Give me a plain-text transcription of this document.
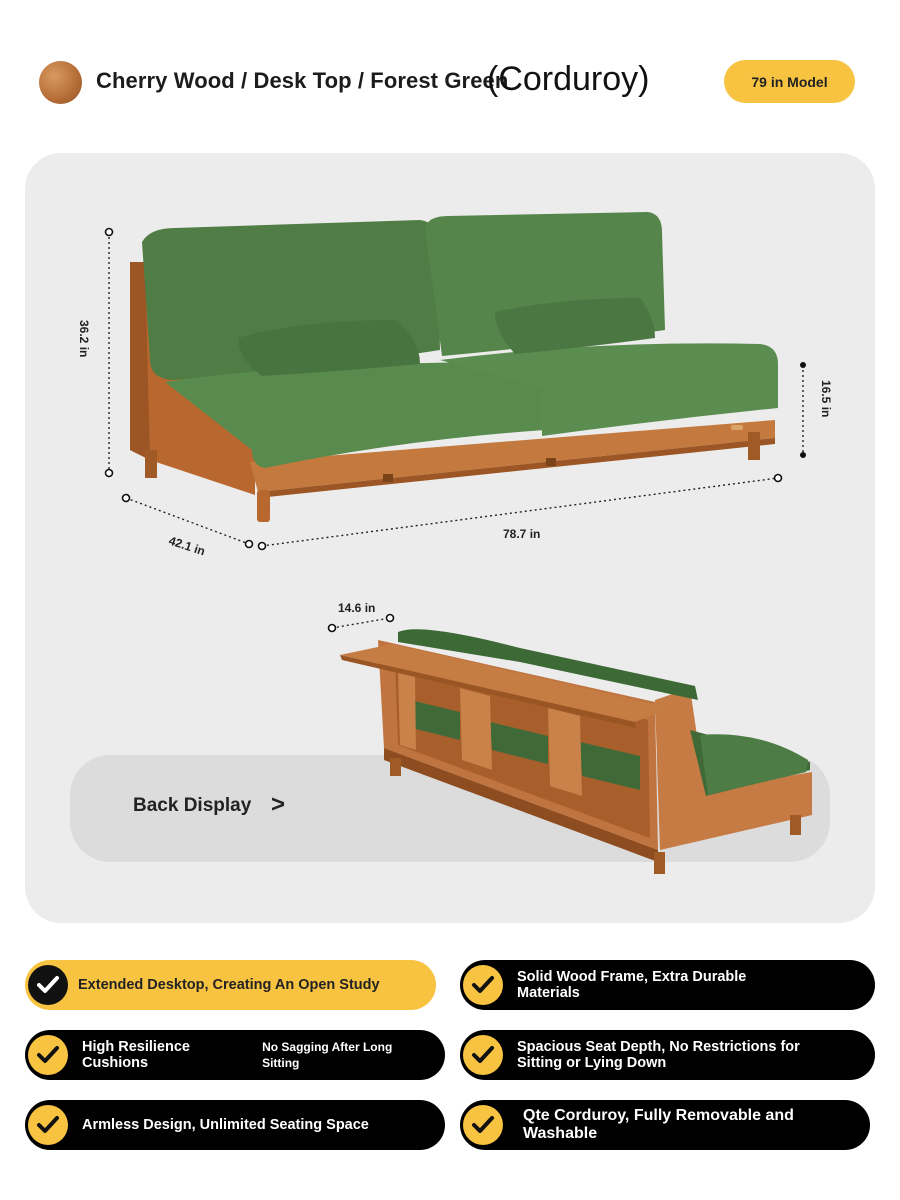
Cherry Wood / Desk Top / Forest Green
(Corduroy)	79 in Model
Back Display >
36.2 in
16.5 in
42.1 in	78.7 in
14.6 in
Extended Desktop, Creating An Open Study	Solid Wood Frame, Extra Durable Materials
High Resilience Cushions
No Sagging After Long Sitting
Spacious Seat Depth, No Restrictions for Sitting or Lying Down
Armless Design, Unlimited Seating Space
Qte Corduroy, Fully Removable and Washable
